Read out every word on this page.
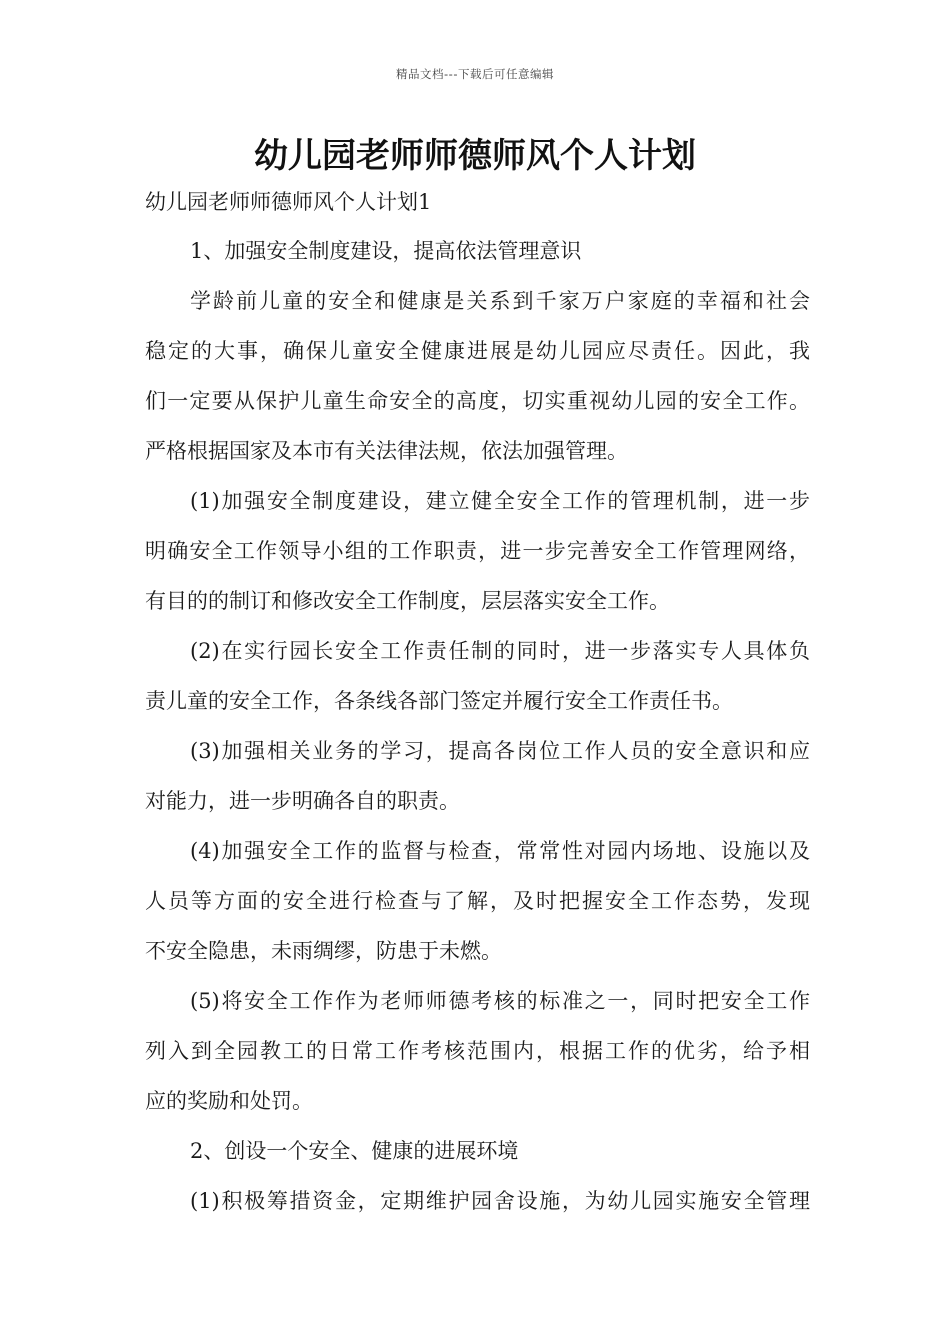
精品文档---下载后可任意编辑
幼儿园老师师德师风个人计划
幼儿园老师师德师风个人计划1
1、加强安全制度建设，提高依法管理意识
学龄前儿童的安全和健康是关系到千家万户家庭的幸福和社会
稳定的大事，确保儿童安全健康进展是幼儿园应尽责任。因此，我
们一定要从保护儿童生命安全的高度，切实重视幼儿园的安全工作。
严格根据国家及本市有关法律法规，依法加强管理。
(1)加强安全制度建设，建立健全安全工作的管理机制，进一步
明确安全工作领导小组的工作职责，进一步完善安全工作管理网络，
有目的的制订和修改安全工作制度，层层落实安全工作。
(2)在实行园长安全工作责任制的同时，进一步落实专人具体负
责儿童的安全工作，各条线各部门签定并履行安全工作责任书。
(3)加强相关业务的学习，提高各岗位工作人员的安全意识和应
对能力，进一步明确各自的职责。
(4)加强安全工作的监督与检查，常常性对园内场地、设施以及
人员等方面的安全进行检查与了解，及时把握安全工作态势，发现
不安全隐患，未雨绸缪，防患于未燃。
(5)将安全工作作为老师师德考核的标准之一，同时把安全工作
列入到全园教工的日常工作考核范围内，根据工作的优劣，给予相
应的奖励和处罚。
2、创设一个安全、健康的进展环境
(1)积极筹措资金，定期维护园舍设施，为幼儿园实施安全管理
